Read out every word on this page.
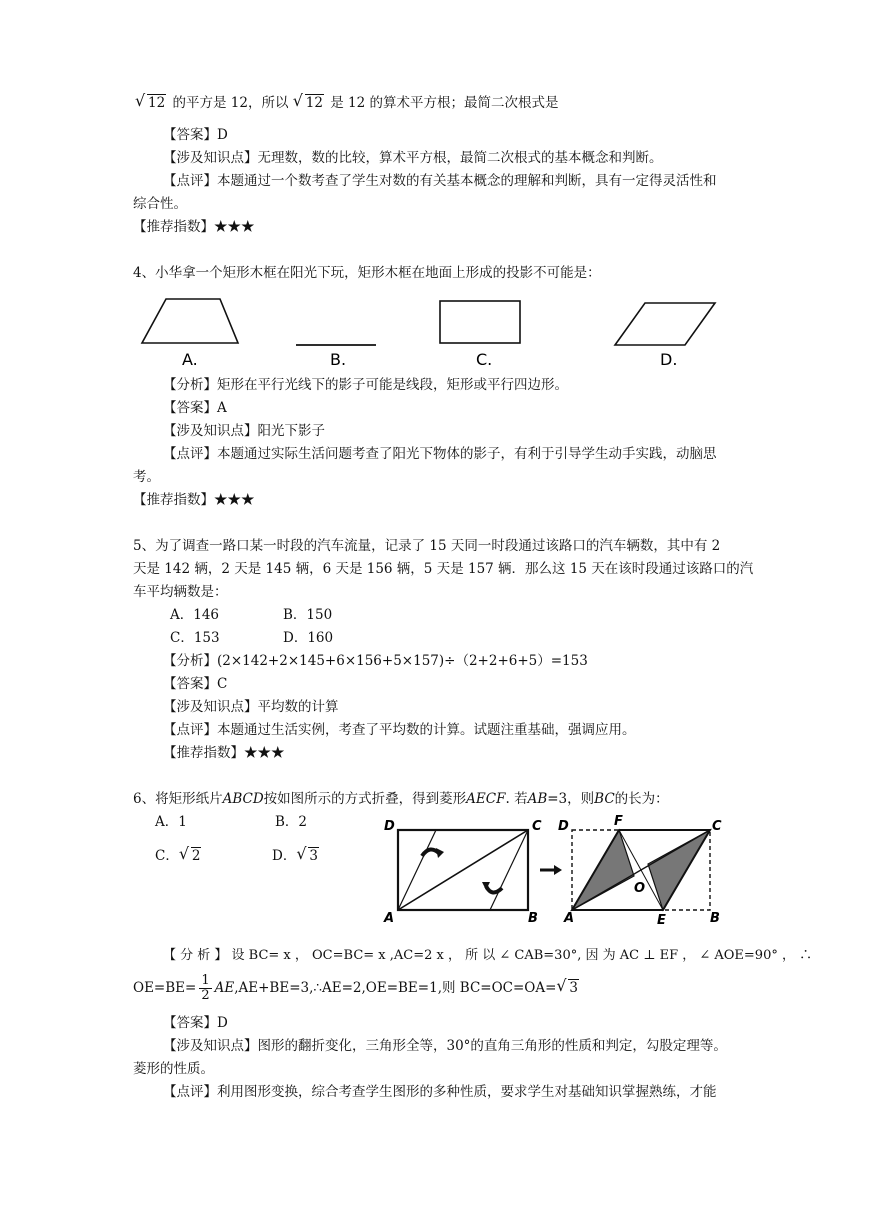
√ 12 的平方是 12，所以 √ 12 是 12 的算术平方根；最简二次根式是
【答案】D
【涉及知识点】无理数，数的比较，算术平方根，最简二次根式的基本概念和判断。
【点评】本题通过一个数考查了学生对数的有关基本概念的理解和判断，具有一定得灵活性和
综合性。
【推荐指数】★★★
4、小华拿一个矩形木框在阳光下玩，矩形木框在地面上形成的投影不可能是：
A.	B.	C.	D.
【分析】矩形在平行光线下的影子可能是线段，矩形或平行四边形。
【答案】A
【涉及知识点】阳光下影子
【点评】本题通过实际生活问题考查了阳光下物体的影子，有利于引导学生动手实践，动脑思
考。
【推荐指数】★★★
5、为了调查一路口某一时段的汽车流量，记录了 15 天同一时段通过该路口的汽车辆数，其中有 2
天是 142 辆，2 天是 145 辆，6 天是 156 辆，5 天是 157 辆．那么这 15 天在该时段通过该路口的汽
车平均辆数是：
A．146	B．150
C．153	D．160
【分析】(2×142+2×145+6×156+5×157)÷（2+2+6+5）=153
【答案】C
【涉及知识点】平均数的计算
【点评】本题通过生活实例，考查了平均数的计算。试题注重基础，强调应用。
【推荐指数】★★★
6、将矩形纸片ABCD按如图所示的方式折叠，得到菱形AECF. 若AB=3，则BC的长为：
A．1	B．2
C． √ 2	D． √ 3
D	C
A	B
D	F	C
O
A	E	B
【 分 析 】 设 BC= x ， OC=BC= x ,AC=2 x ， 所 以 ∠ CAB=30°, 因 为 AC ⊥ EF ， ∠ AOE=90° ， ∴
$OE=BE= \frac{1}{2}$ AE,AE+BE=3,∴AE=2,OE=BE=1,则 BC=OC=OA= √ 3
【答案】D
【涉及知识点】图形的翻折变化，三角形全等，30°的直角三角形的性质和判定，勾股定理等。
菱形的性质。
【点评】利用图形变换，综合考查学生图形的多种性质，要求学生对基础知识掌握熟练，才能
